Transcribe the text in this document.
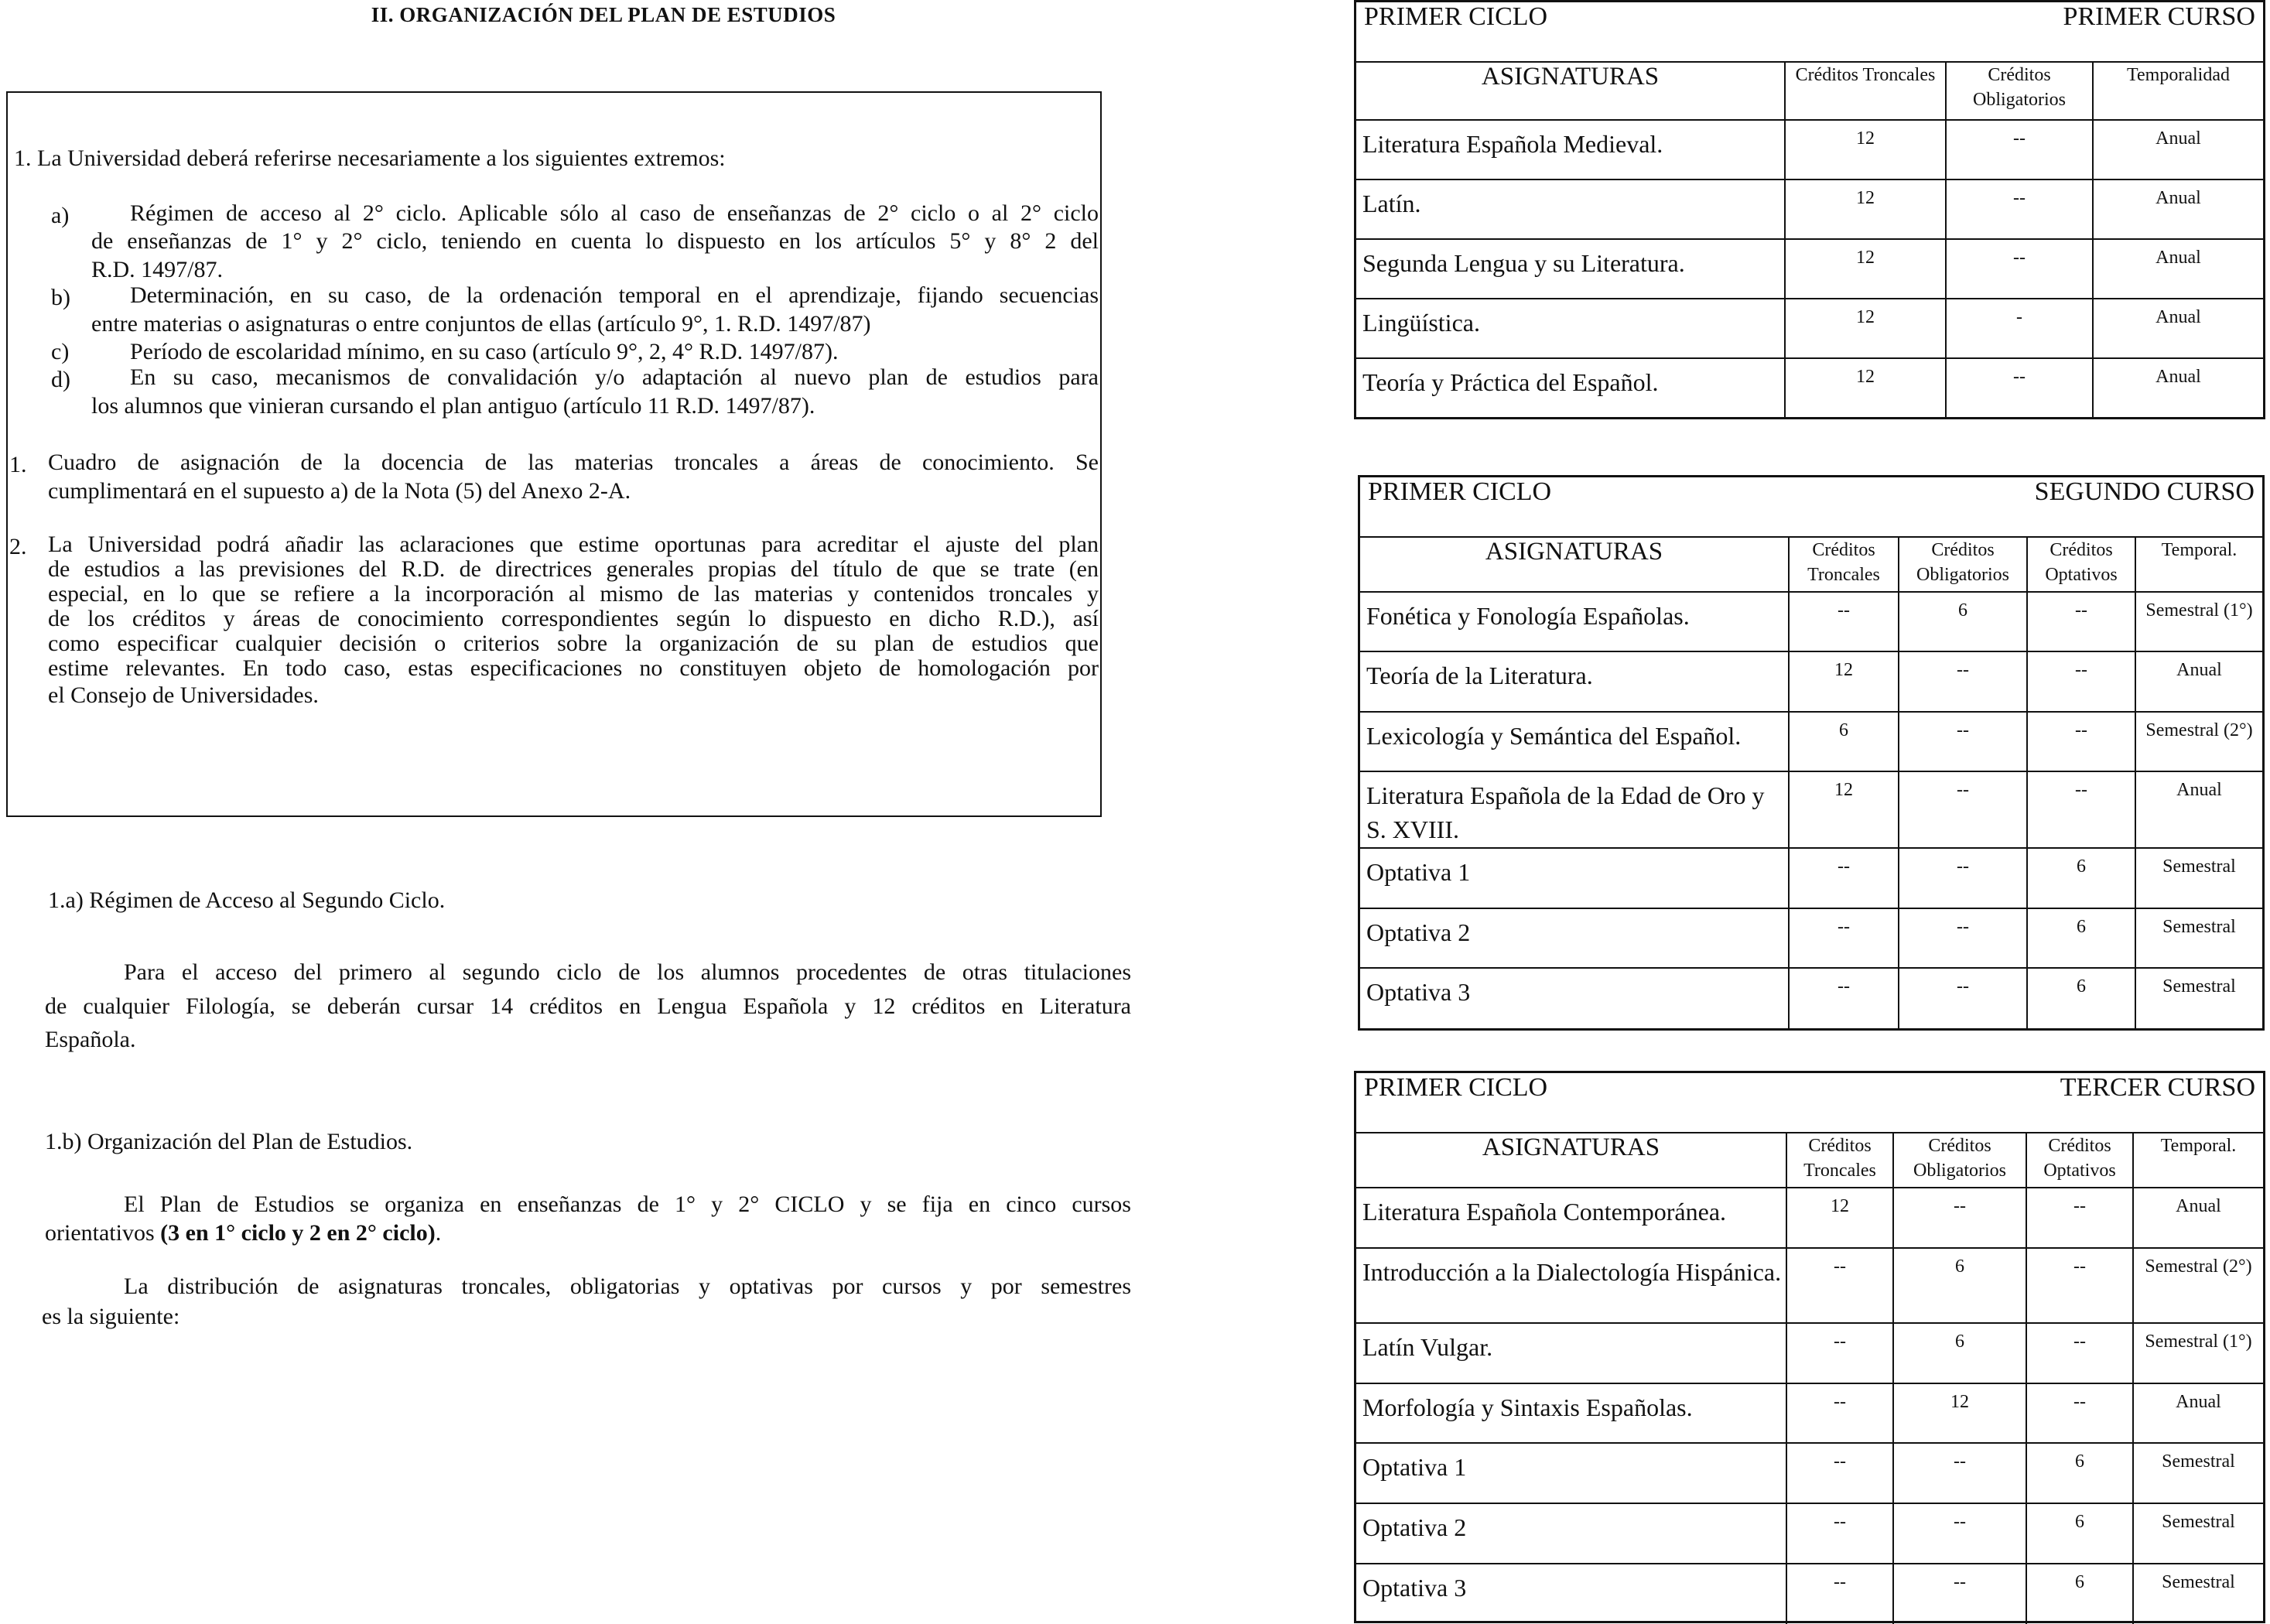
II. ORGANIZACIÓN DEL PLAN DE ESTUDIOS
1. La Universidad deberá referirse necesariamente a los siguientes extremos:
a)	Régimen de acceso al 2° ciclo. Aplicable sólo al caso de enseñanzas de 2° ciclo o al 2° ciclo
de enseñanzas de 1° y 2° ciclo, teniendo en cuenta lo dispuesto en los artículos 5° y 8° 2 del
R.D. 1497/87.
b)	Determinación, en su caso, de la ordenación temporal en el aprendizaje, fijando secuencias
entre materias o asignaturas o entre conjuntos de ellas (artículo 9°, 1. R.D. 1497/87)
c)	Período de escolaridad mínimo, en su caso (artículo 9°, 2, 4° R.D. 1497/87).
d)	En su caso, mecanismos de convalidación y/o adaptación al nuevo plan de estudios para
los alumnos que vinieran cursando el plan antiguo (artículo 11 R.D. 1497/87).
1. Cuadro de asignación de la docencia de las materias troncales a áreas de conocimiento. Se
cumplimentará en el supuesto a) de la Nota (5) del Anexo 2-A.
2. La Universidad podrá añadir las aclaraciones que estime oportunas para acreditar el ajuste del plan
de estudios a las previsiones del R.D. de directrices generales propias del título de que se trate (en
especial, en lo que se refiere a la incorporación al mismo de las materias y contenidos troncales y
de los créditos y áreas de conocimiento correspondientes según lo dispuesto en dicho R.D.), así
como especificar cualquier decisión o criterios sobre la organización de su plan de estudios que
estime relevantes. En todo caso, estas especificaciones no constituyen objeto de homologación por
el Consejo de Universidades.
1.a) Régimen de Acceso al Segundo Ciclo.
Para el acceso del primero al segundo ciclo de los alumnos procedentes de otras titulaciones
de cualquier Filología, se deberán cursar 14 créditos en Lengua Española y 12 créditos en Literatura
Española.
1.b) Organización del Plan de Estudios.
El Plan de Estudios se organiza en enseñanzas de 1° y 2° CICLO y se fija en cinco cursos
orientativos (3 en 1° ciclo y 2 en 2° ciclo).
La distribución de asignaturas troncales, obligatorias y optativas por cursos y por semestres
es la siguiente:
PRIMER CICLO	PRIMER CURSO
ASIGNATURAS	Créditos Troncales	Créditos Obligatorios	Temporalidad
Literatura Española Medieval.	12	--	Anual
Latín.	12	--	Anual
Segunda Lengua y su Literatura.	12	--	Anual
Lingüística.	12	-	Anual
Teoría y Práctica del Español.	12	--	Anual
PRIMER CICLO	SEGUNDO CURSO
ASIGNATURAS	Créditos Troncales	Créditos Obligatorios	Créditos Optativos	Temporal.
Fonética y Fonología Españolas.	--	6	--	Semestral (1°)
Teoría de la Literatura.	12	--	--	Anual
Lexicología y Semántica del Español.	6	--	--	Semestral (2°)
Literatura Española de la Edad de Oro y S. XVIII.	12	--	--	Anual
Optativa 1	--	--	6	Semestral
Optativa 2	--	--	6	Semestral
Optativa 3	--	--	6	Semestral
PRIMER CICLO	TERCER CURSO
ASIGNATURAS	Créditos Troncales	Créditos Obligatorios	Créditos Optativos	Temporal.
Literatura Española Contemporánea.	12	--	--	Anual
Introducción a la Dialectología Hispánica.	--	6	--	Semestral (2°)
Latín Vulgar.	--	6	--	Semestral (1°)
Morfología y Sintaxis Españolas.	--	12	--	Anual
Optativa 1	--	--	6	Semestral
Optativa 2	--	--	6	Semestral
Optativa 3	--	--	6	Semestral
